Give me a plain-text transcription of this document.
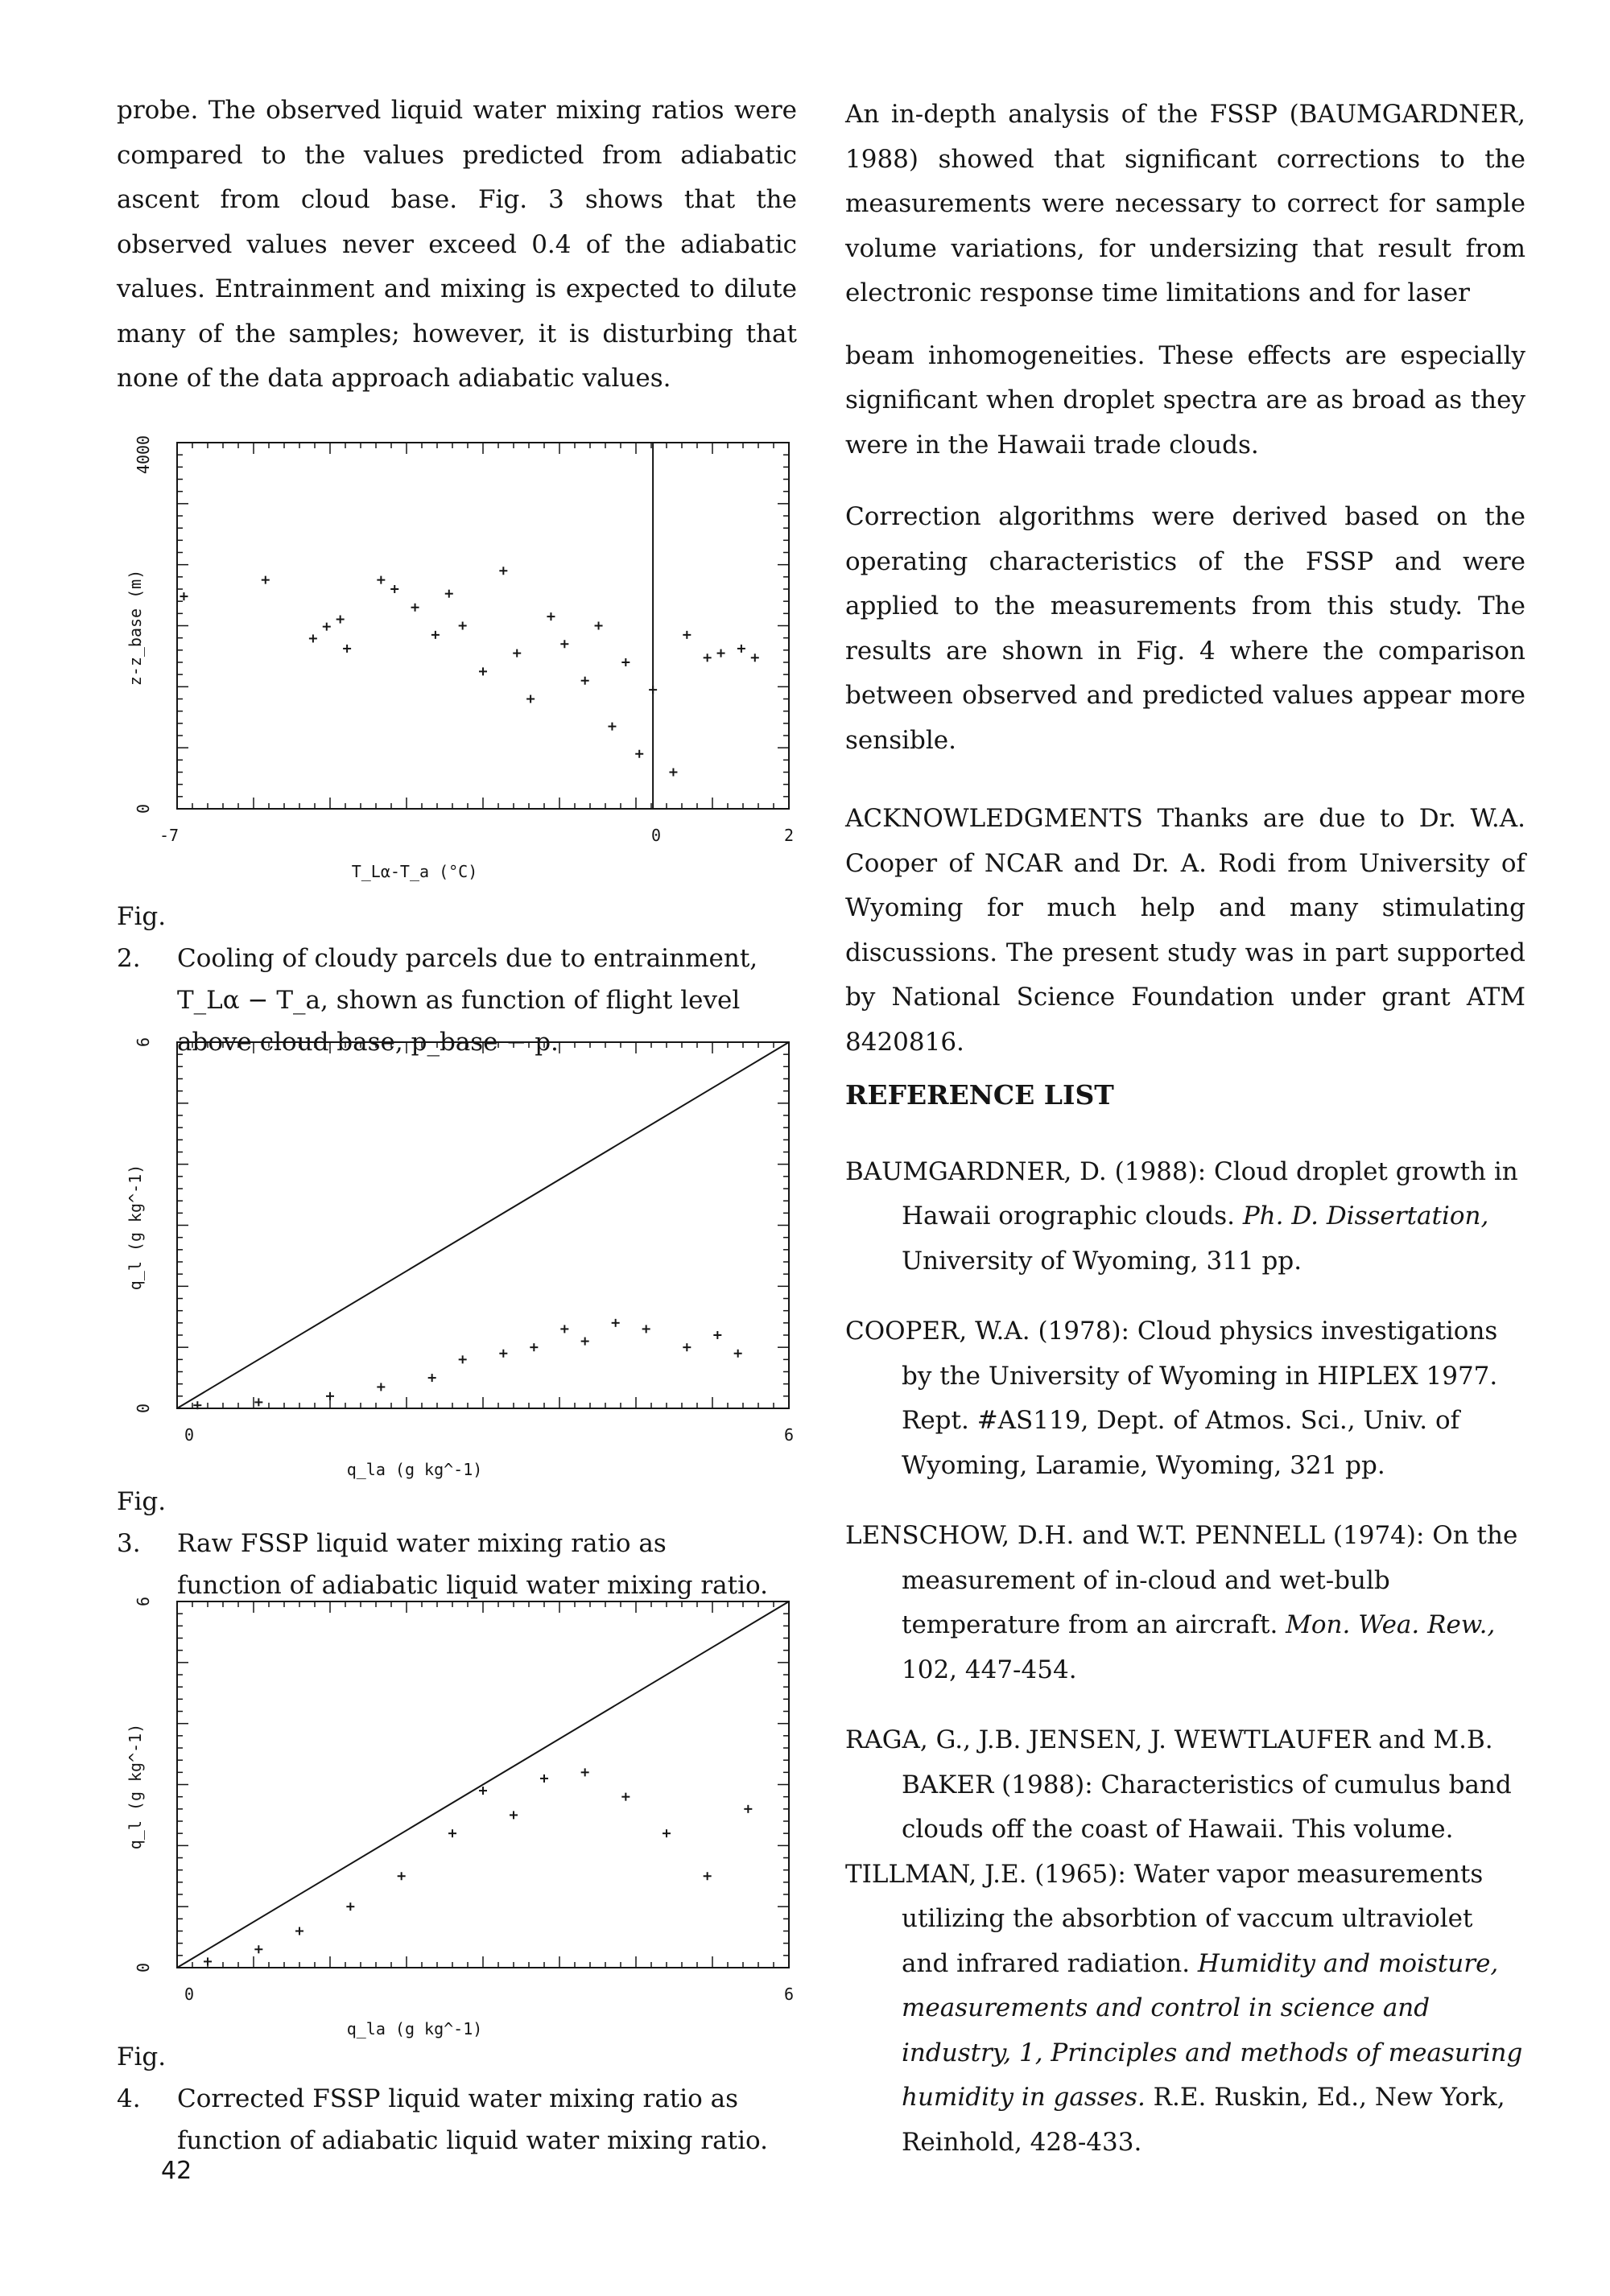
probe. The observed liquid water mixing ratios were compared to the values predicted from adiabatic ascent from cloud base. Fig. 3 shows that the observed values never exceed 0.4 of the adiabatic values. Entrainment and mixing is expected to dilute many of the samples; however, it is disturbing that none of the data approach adiabatic values.

-7	0	2
0
4000
T_Lα-T_a (°C)
z-z_base (m)
Fig. 2. Cooling of cloudy parcels due to entrainment,
T_Lα − T_a, shown as function of flight level above cloud base, p_base − p.
0	6
0
6
q_la (g kg^-1)
q_l (g kg^-1)
Fig. 3. Raw FSSP liquid water mixing ratio as
function of adiabatic liquid water mixing ratio.
0	6
0
6
q_la (g kg^-1)
q_l (g kg^-1)
Fig. 4. Corrected FSSP liquid water mixing ratio as
function of adiabatic liquid water mixing ratio.

An in-depth analysis of the FSSP (BAUMGARDNER, 1988) showed that significant corrections to the measurements were necessary to correct for sample volume variations, for undersizing that result from electronic response time limitations and for laser

beam inhomogeneities. These effects are especially significant when droplet spectra are as broad as they were in the Hawaii trade clouds.

Correction algorithms were derived based on the operating characteristics of the FSSP and were applied to the measurements from this study. The results are shown in Fig. 4 where the comparison between observed and predicted values appear more sensible.

ACKNOWLEDGMENTS Thanks are due to Dr. W.A. Cooper of NCAR and Dr. A. Rodi from University of Wyoming for much help and many stimulating discussions. The present study was in part supported by National Science Foundation under grant ATM 8420816.

REFERENCE LIST

BAUMGARDNER, D. (1988): Cloud droplet growth in Hawaii orographic clouds. Ph. D. Dissertation, University of Wyoming, 311 pp.

COOPER, W.A. (1978): Cloud physics investigations by the University of Wyoming in HIPLEX 1977. Rept. #AS119, Dept. of Atmos. Sci., Univ. of Wyoming, Laramie, Wyoming, 321 pp.

LENSCHOW, D.H. and W.T. PENNELL (1974): On the measurement of in-cloud and wet-bulb temperature from an aircraft. Mon. Wea. Rew., 102, 447-454.

RAGA, G., J.B. JENSEN, J. WEWTLAUFER and M.B. BAKER (1988): Characteristics of cumulus band clouds off the coast of Hawaii. This volume.

TILLMAN, J.E. (1965): Water vapor measurements utilizing the absorbtion of vaccum ultraviolet and infrared radiation. Humidity and moisture, measurements and control in science and industry, 1, Principles and methods of measuring humidity in gasses. R.E. Ruskin, Ed., New York, Reinhold, 428-433.

42
